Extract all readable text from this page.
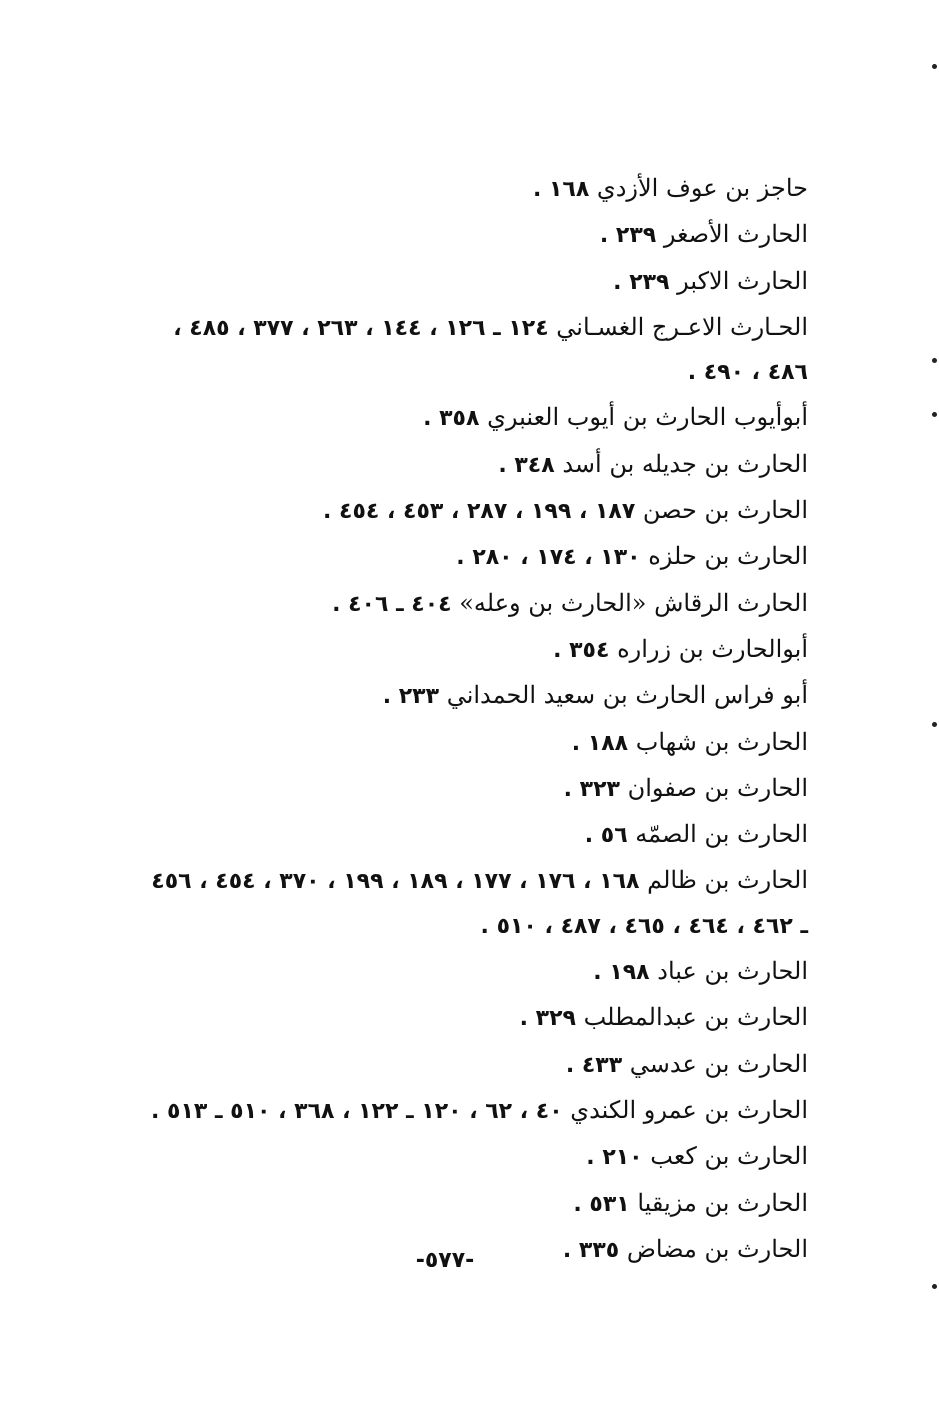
حاجز بن عوف الأزدي ١٦٨ .
الحارث الأصغر ٢٣٩ .
الحارث الاكبر ٢٣٩ .
الحـارث الاعـرج الغسـاني ١٢٤ ـ ١٢٦ ، ١٤٤ ، ٢٦٣ ، ٣٧٧ ، ٤٨٥ ،
٤٨٦ ، ٤٩٠ .
أبوأيوب الحارث بن أيوب العنبري ٣٥٨ .
الحارث بن جديله بن أسد ٣٤٨ .
الحارث بن حصن ١٨٧ ، ١٩٩ ، ٢٨٧ ، ٤٥٣ ، ٤٥٤ .
الحارث بن حلزه ١٣٠ ، ١٧٤ ، ٢٨٠ .
الحارث الرقاش «الحارث بن وعله» ٤٠٤ ـ ٤٠٦ .
أبوالحارث بن زراره ٣٥٤ .
أبو فراس الحارث بن سعيد الحمداني ٢٣٣ .
الحارث بن شهاب ١٨٨ .
الحارث بن صفوان ٣٢٣ .
الحارث بن الصمّه ٥٦ .
الحارث بن ظالم ١٦٨ ، ١٧٦ ، ١٧٧ ، ١٨٩ ، ١٩٩ ، ٣٧٠ ، ٤٥٤ ، ٤٥٦
ـ ٤٦٢ ، ٤٦٤ ، ٤٦٥ ، ٤٨٧ ، ٥١٠ .
الحارث بن عباد ١٩٨ .
الحارث بن عبدالمطلب ٣٢٩ .
الحارث بن عدسي ٤٣٣ .
الحارث بن عمرو الكندي ٤٠ ، ٦٢ ، ١٢٠ ـ ١٢٢ ، ٣٦٨ ، ٥١٠ ـ ٥١٣ .
الحارث بن كعب ٢١٠ .
الحارث بن مزيقيا ٥٣١ .
الحارث بن مضاض ٣٣٥ .
-٥٧٧-
